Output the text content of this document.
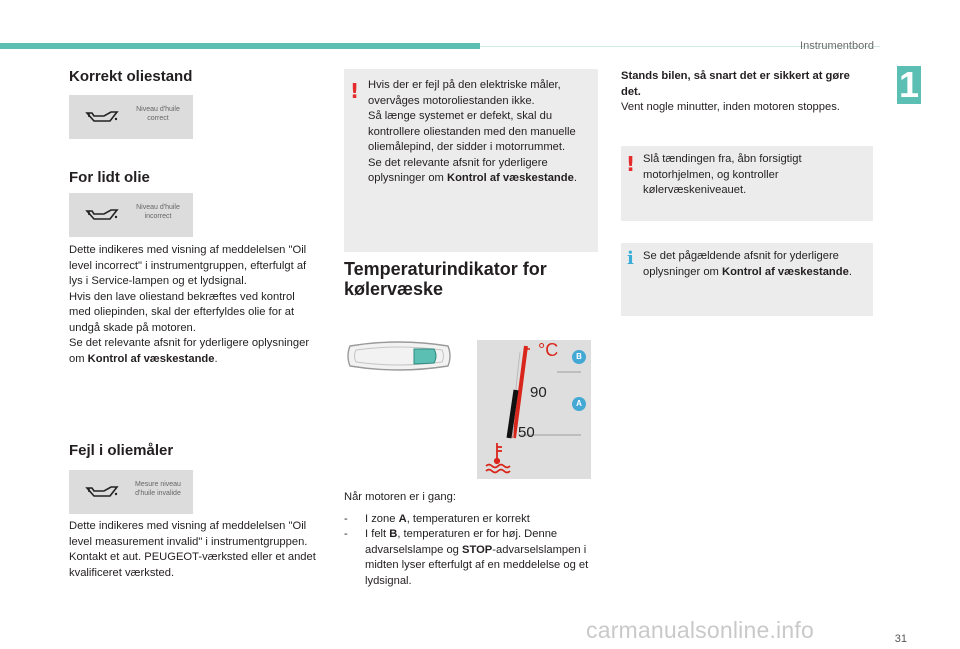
Instrumentbord
1
Korrekt oliestand
Niveau d'huile correct
For lidt olie
Niveau d'huile incorrect
Dette indikeres med visning af meddelelsen "Oil level incorrect" i instrumentgruppen, efterfulgt af lys i Service-lampen og et lydsignal.
Hvis den lave oliestand bekræftes ved kontrol med oliepinden, skal der efterfyldes olie for at undgå skade på motoren.
Se det relevante afsnit for yderligere oplysninger om Kontrol af væskestande.
Fejl i oliemåler
Mesure niveau d'huile invalide
Dette indikeres med visning af meddelelsen "Oil level measurement invalid" i instrumentgruppen.
Kontakt et aut. PEUGEOT-værksted eller et andet kvalificeret værksted.
! Hvis der er fejl på den elektriske måler, overvåges motoroliestanden ikke.
Så længe systemet er defekt, skal du kontrollere oliestanden med den manuelle oliemålepind, der sidder i motorrummet.
Se det relevante afsnit for yderligere oplysninger om Kontrol af væskestande.
Temperaturindikator for
kølervæske
°C
90
50
B
A
Når motoren er i gang:
- I zone A, temperaturen er korrekt
- I felt B, temperaturen er for høj. Denne advarselslampe og STOP-advarselslampen i midten lyser efterfulgt af en meddelelse og et lydsignal.
Stands bilen, så snart det er sikkert at gøre det.
Vent nogle minutter, inden motoren stoppes.
! Slå tændingen fra, åbn forsigtigt motorhjelmen, og kontroller kølervæskeniveauet.
i Se det pågældende afsnit for yderligere oplysninger om Kontrol af væskestande.
31
carmanualsonline.info
